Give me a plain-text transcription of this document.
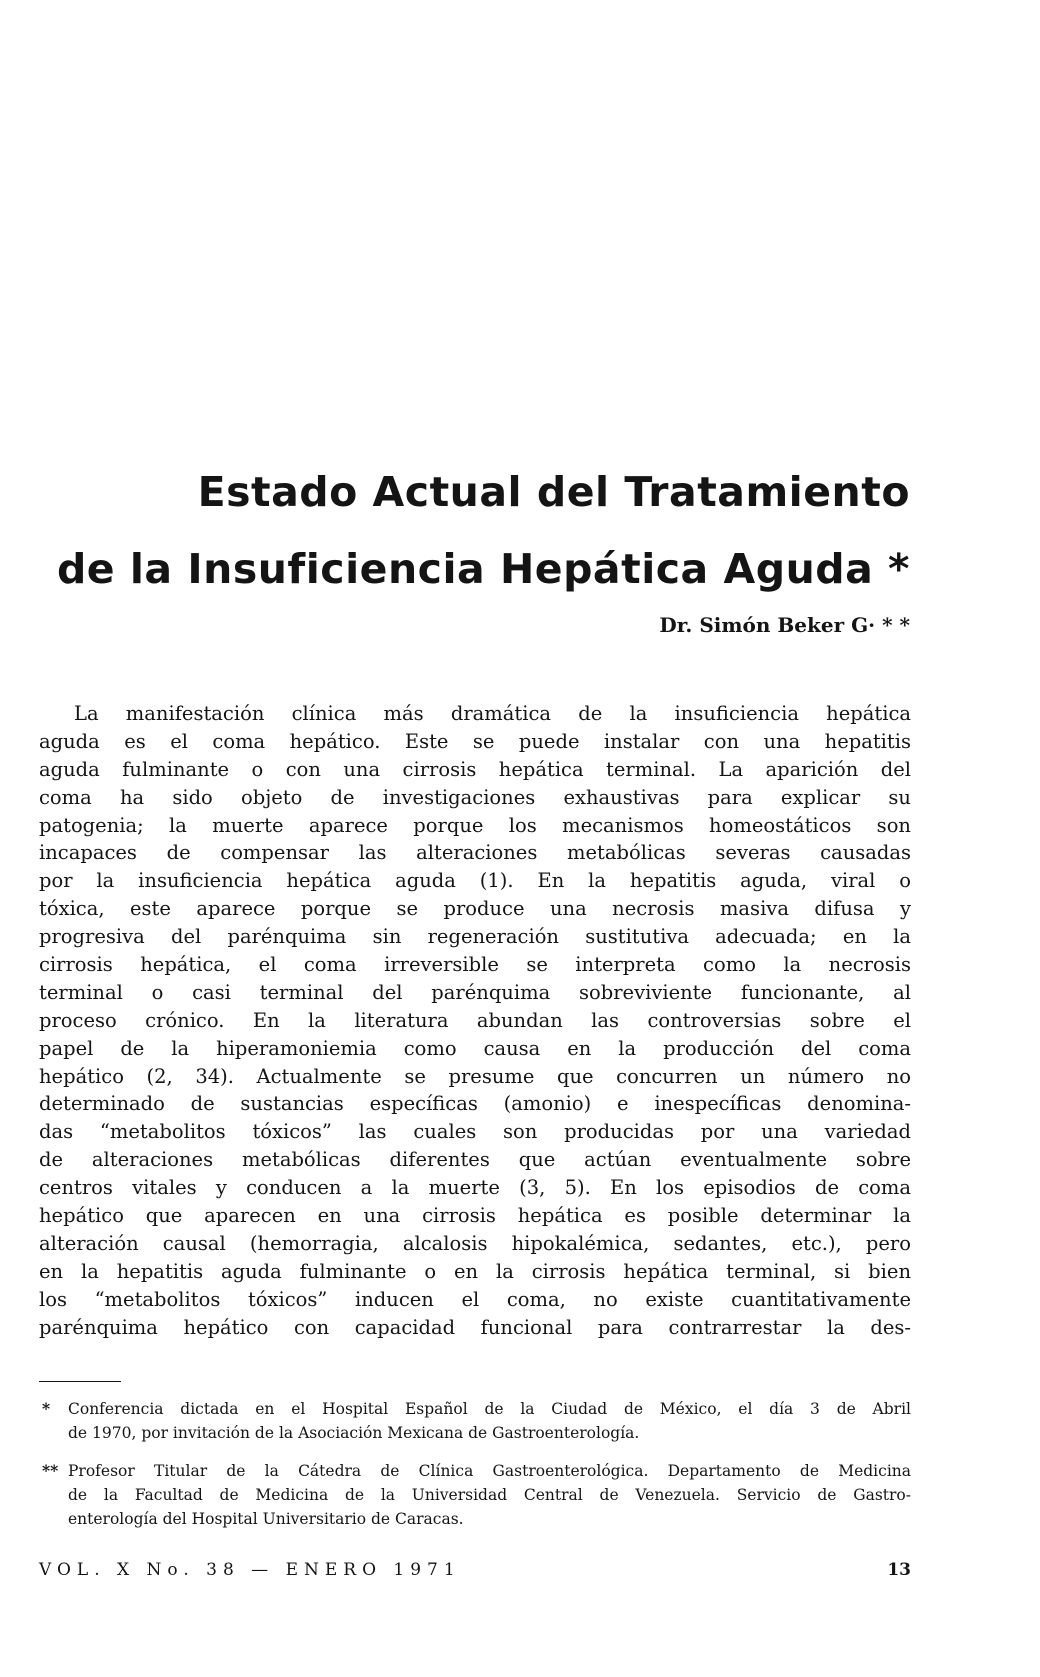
Estado Actual del Tratamiento
de la Insuficiencia Hepática Aguda *
Dr. Simón Beker G· * *
La manifestación clínica más dramática de la insuficiencia hepática
aguda es el coma hepático. Este se puede instalar con una hepatitis
aguda fulminante o con una cirrosis hepática terminal. La aparición del
coma ha sido objeto de investigaciones exhaustivas para explicar su
patogenia; la muerte aparece porque los mecanismos homeostáticos son
incapaces de compensar las alteraciones metabólicas severas causadas
por la insuficiencia hepática aguda (1). En la hepatitis aguda, viral o
tóxica, este aparece porque se produce una necrosis masiva difusa y
progresiva del parénquima sin regeneración sustitutiva adecuada; en la
cirrosis hepática, el coma irreversible se interpreta como la necrosis
terminal o casi terminal del parénquima sobreviviente funcionante, al
proceso crónico. En la literatura abundan las controversias sobre el
papel de la hiperamoniemia como causa en la producción del coma
hepático (2, 34). Actualmente se presume que concurren un número no
determinado de sustancias específicas (amonio) e inespecíficas denomina-
das “metabolitos tóxicos” las cuales son producidas por una variedad
de alteraciones metabólicas diferentes que actúan eventualmente sobre
centros vitales y conducen a la muerte (3, 5). En los episodios de coma
hepático que aparecen en una cirrosis hepática es posible determinar la
alteración causal (hemorragia, alcalosis hipokalémica, sedantes, etc.), pero
en la hepatitis aguda fulminante o en la cirrosis hepática terminal, si bien
los “metabolitos tóxicos” inducen el coma, no existe cuantitativamente
parénquima hepático con capacidad funcional para contrarrestar la des-
*	Conferencia dictada en el Hospital Español de la Ciudad de México, el día 3 de Abril
de 1970, por invitación de la Asociación Mexicana de Gastroenterología.
** Profesor Titular de la Cátedra de Clínica Gastroenterológica. Departamento de Medicina
de la Facultad de Medicina de la Universidad Central de Venezuela. Servicio de Gastro-
enterología del Hospital Universitario de Caracas.
VOL. X No. 38 — ENERO 1971	13
